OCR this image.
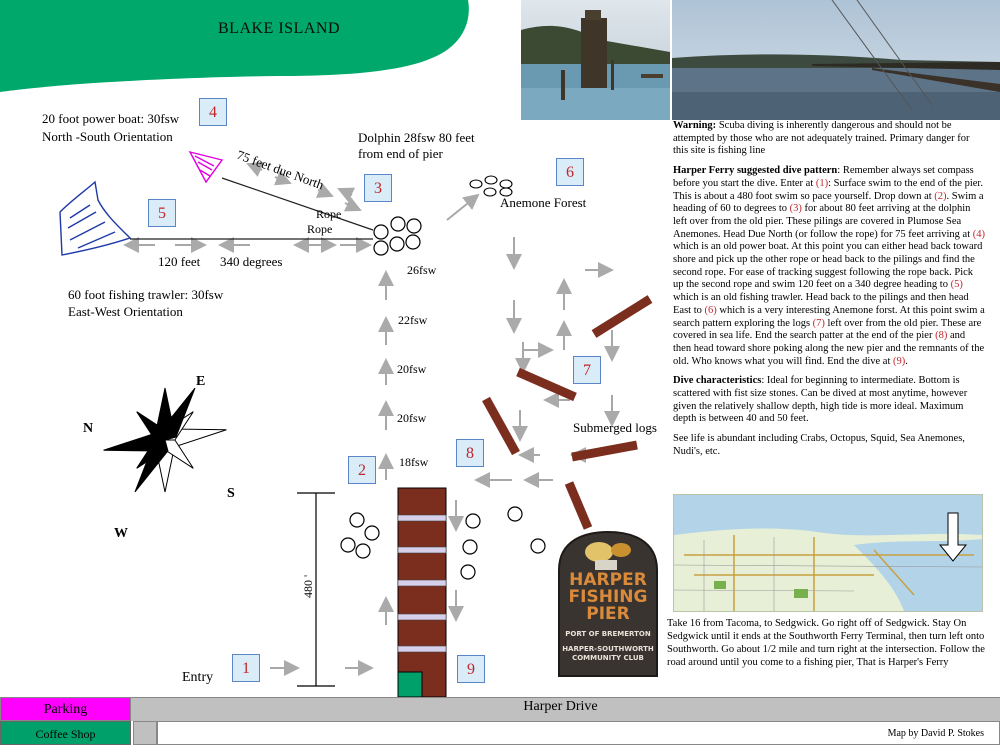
BLAKE ISLAND
20 foot power boat: 30fsw
North -South Orientation	Dolphin 28fsw 80 feet
from end of pier
75 feet due North
Rope
Rope
Anemone Forest
120 feet 340 degrees
60 foot fishing trawler: 30fsw
East-West Orientation
26fsw
22fsw
20fsw
20fsw
18fsw
Submerged logs
480 '
Entry
E
N
S
W
1
2
3
4
5
6
7
8
9
HARPER
FISHING
PIER
PORT OF BREMERTON
HARPER-SOUTHWORTH
COMMUNITY CLUB

Warning: Scuba diving is inherently dangerous and should not be attempted by those who are not adequately trained. Primary danger for this site is fishing line

Harper Ferry suggested dive pattern: Remember always set compass before you start the dive. Enter at (1): Surface swim to the end of the pier. This is about a 480 foot swim so pace yourself. Drop down at (2). Swim a heading of 60 to degrees to (3) for about 80 feet arriving at the dolphin left over from the old pier. These pilings are covered in Plumose Sea Anemones. Head Due North (or follow the rope) for 75 feet arriving at (4) which is an old power boat. At this point you can either head back toward shore and pick up the other rope or head back to the pilings and find the second rope. For ease of tracking suggest following the rope back. Pick up the second rope and swim 120 feet on a 340 degree heading to (5) which is an old fishing trawler. Head back to the pilings and then head East to (6) which is a very interesting Anemone forst. At this point swim a search pattern exploring the logs (7) left over from the old pier. These are covered in sea life. End the search patter at the end of the pier (8) and then head toward shore poking along the new pier and the remnants of the old. Who knows what you will find. End the dive at (9).

Dive characteristics: Ideal for beginning to intermediate. Bottom is scattered with fist size stones. Can be dived at most anytime, however given the relatively shallow depth, high tide is more ideal. Maximum depth is between 40 and 50 feet.

See life is abundant including Crabs, Octopus, Squid, Sea Anemones, Nudi's, etc.

Take 16 from Tacoma, to Sedgwick. Go right off of Sedgwick. Stay On Sedgwick until it ends at the Southworth Ferry Terminal, then turn left onto Southworth. Go about 1/2 mile and turn right at the intersection. Follow the road around until you come to a fishing pier, That is Harper's Ferry
Harper Drive
Parking
Coffee Shop	Map by David P. Stokes
